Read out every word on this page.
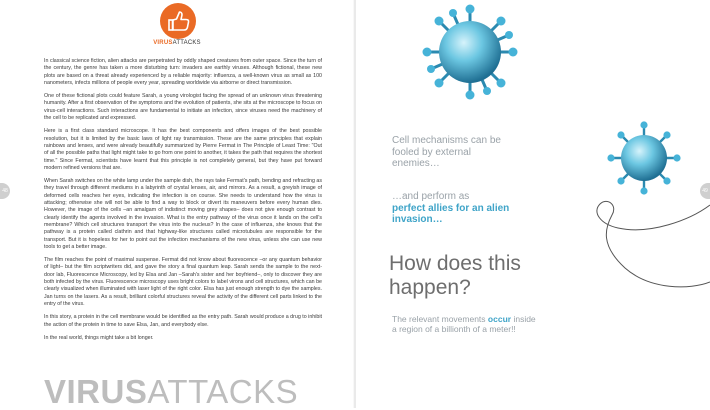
VIRUSATTACKS

In classical science fiction, alien attacks are perpetrated by oddly shaped creatures from outer space. Since the turn of the century, the genre has taken a more disturbing turn: invaders are earthly viruses. Although fictional, these new plots are based on a threat already experienced by a reliable majority: influenza, a well-known virus as small as 100 nanometers, infects millions of people every year, spreading worldwide via airborne or direct transmission.

One of these fictional plots could feature Sarah, a young virologist facing the spread of an unknown virus threatening humanity. After a first observation of the symptoms and the evolution of patients, she sits at the microscope to focus on virus-cell interactions. Such interactions are fundamental to initiate an infection, since viruses need the machinery of the cell to be replicated and expressed.

Here is a first class standard microscope. It has the best components and offers images of the best possible resolution, but it is limited by the basic laws of light ray transmission. These are the same principles that explain rainbows and lenses, and were already beautifully summarized by Pierre Fermat in The Principle of Least Time: "Out of all the possible paths that light might take to go from one point to another, it takes the path that requires the shortest time." Since Fermat, scientists have learnt that this principle is not completely general, but they have put forward modern refined versions that are.

When Sarah switches on the white lamp under the sample dish, the rays take Fermat's path, bending and refracting as they travel through different mediums in a labyrinth of crystal lenses, air, and mirrors. As a result, a greyish image of deformed cells reaches her eyes, indicating the infection is on course. She needs to understand how the virus is attacking; otherwise she will not be able to find a way to block or divert its maneuvers before every human dies. However, the image of the cells –an amalgam of indistinct moving grey shapes– does not give enough contrast to clearly identify the agents involved in the invasion. What is the entry pathway of the virus once it lands on the cell's membrane? Which cell structures transport the virus into the nucleus? In the case of influenza, she knows that the pathway is a protein called clathrin and that highway-like structures called microtubules are responsible for the transport. But it is hopeless for her to point out the infection mechanisms of the new virus, unless she can use new tools to get a better image.

The film reaches the point of maximal suspense. Fermat did not know about fluorescence –or any quantum behavior of light– but the film scriptwriters did, and gave the story a final quantum leap. Sarah sends the sample to the next-door lab, Fluorescence Microscopy, led by Elsa and Jan –Sarah's sister and her boyfriend–, only to discover they are both infected by the virus. Fluorescence microscopy uses bright colors to label virons and cell structures, which can be clearly visualized when illuminated with laser light of the right color. Elsa has just enough strength to dye the samples. Jan turns on the lasers. As a result, brilliant colorful structures reveal the activity of the different cell parts linked to the entry of the virus.

In this story, a protein in the cell membrane would be identified as the entry path. Sarah would produce a drug to inhibit the action of the protein in time to save Elsa, Jan, and everybody else.

In the real world, things might take a bit longer.

VIRUSATTACKS
Cell mechanisms can be fooled by external enemies…
…and perform as
perfect allies for an alien invasion…
How does this happen?
The relevant movements occur inside a region of a billionth of a meter!!
48	49
